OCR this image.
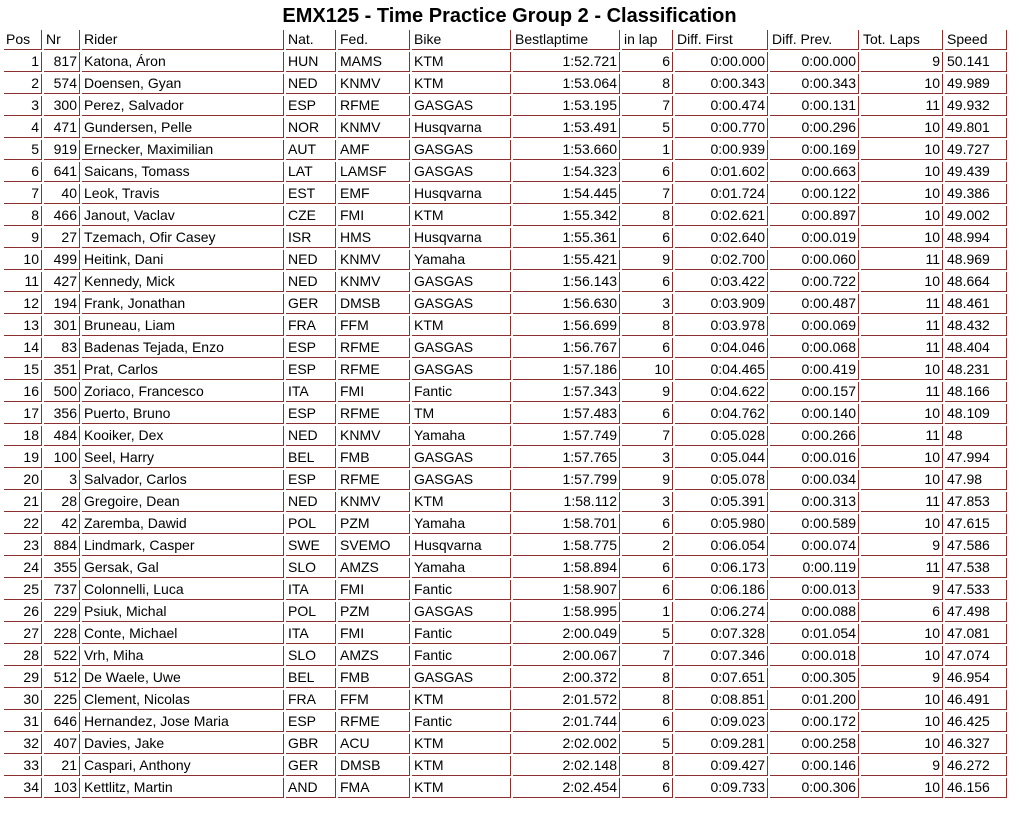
EMX125 - Time Practice Group 2 - Classification
Pos	Nr	Rider	Nat.	Fed.	Bike	Bestlaptime	in lap	Diff. First	Diff. Prev.	Tot. Laps	Speed
1	817	Katona, Áron	HUN	MAMS	KTM	1:52.721	6	0:00.000	0:00.000	9	50.141
2	574	Doensen, Gyan	NED	KNMV	KTM	1:53.064	8	0:00.343	0:00.343	10	49.989
3	300	Perez, Salvador	ESP	RFME	GASGAS	1:53.195	7	0:00.474	0:00.131	11	49.932
4	471	Gundersen, Pelle	NOR	KNMV	Husqvarna	1:53.491	5	0:00.770	0:00.296	10	49.801
5	919	Ernecker, Maximilian	AUT	AMF	GASGAS	1:53.660	1	0:00.939	0:00.169	10	49.727
6	641	Saicans, Tomass	LAT	LAMSF	GASGAS	1:54.323	6	0:01.602	0:00.663	10	49.439
7	40	Leok, Travis	EST	EMF	Husqvarna	1:54.445	7	0:01.724	0:00.122	10	49.386
8	466	Janout, Vaclav	CZE	FMI	KTM	1:55.342	8	0:02.621	0:00.897	10	49.002
9	27	Tzemach, Ofir Casey	ISR	HMS	Husqvarna	1:55.361	6	0:02.640	0:00.019	10	48.994
10	499	Heitink, Dani	NED	KNMV	Yamaha	1:55.421	9	0:02.700	0:00.060	11	48.969
11	427	Kennedy, Mick	NED	KNMV	GASGAS	1:56.143	6	0:03.422	0:00.722	10	48.664
12	194	Frank, Jonathan	GER	DMSB	GASGAS	1:56.630	3	0:03.909	0:00.487	11	48.461
13	301	Bruneau, Liam	FRA	FFM	KTM	1:56.699	8	0:03.978	0:00.069	11	48.432
14	83	Badenas Tejada, Enzo	ESP	RFME	GASGAS	1:56.767	6	0:04.046	0:00.068	11	48.404
15	351	Prat, Carlos	ESP	RFME	GASGAS	1:57.186	10	0:04.465	0:00.419	10	48.231
16	500	Zoriaco, Francesco	ITA	FMI	Fantic	1:57.343	9	0:04.622	0:00.157	11	48.166
17	356	Puerto, Bruno	ESP	RFME	TM	1:57.483	6	0:04.762	0:00.140	10	48.109
18	484	Kooiker, Dex	NED	KNMV	Yamaha	1:57.749	7	0:05.028	0:00.266	11	48
19	100	Seel, Harry	BEL	FMB	GASGAS	1:57.765	3	0:05.044	0:00.016	10	47.994
20	3	Salvador, Carlos	ESP	RFME	GASGAS	1:57.799	9	0:05.078	0:00.034	10	47.98
21	28	Gregoire, Dean	NED	KNMV	KTM	1:58.112	3	0:05.391	0:00.313	11	47.853
22	42	Zaremba, Dawid	POL	PZM	Yamaha	1:58.701	6	0:05.980	0:00.589	10	47.615
23	884	Lindmark, Casper	SWE	SVEMO	Husqvarna	1:58.775	2	0:06.054	0:00.074	9	47.586
24	355	Gersak, Gal	SLO	AMZS	Yamaha	1:58.894	6	0:06.173	0:00.119	11	47.538
25	737	Colonnelli, Luca	ITA	FMI	Fantic	1:58.907	6	0:06.186	0:00.013	9	47.533
26	229	Psiuk, Michal	POL	PZM	GASGAS	1:58.995	1	0:06.274	0:00.088	6	47.498
27	228	Conte, Michael	ITA	FMI	Fantic	2:00.049	5	0:07.328	0:01.054	10	47.081
28	522	Vrh, Miha	SLO	AMZS	Fantic	2:00.067	7	0:07.346	0:00.018	10	47.074
29	512	De Waele, Uwe	BEL	FMB	GASGAS	2:00.372	8	0:07.651	0:00.305	9	46.954
30	225	Clement, Nicolas	FRA	FFM	KTM	2:01.572	8	0:08.851	0:01.200	10	46.491
31	646	Hernandez, Jose Maria	ESP	RFME	Fantic	2:01.744	6	0:09.023	0:00.172	10	46.425
32	407	Davies, Jake	GBR	ACU	KTM	2:02.002	5	0:09.281	0:00.258	10	46.327
33	21	Caspari, Anthony	GER	DMSB	KTM	2:02.148	8	0:09.427	0:00.146	9	46.272
34	103	Kettlitz, Martin	AND	FMA	KTM	2:02.454	6	0:09.733	0:00.306	10	46.156
